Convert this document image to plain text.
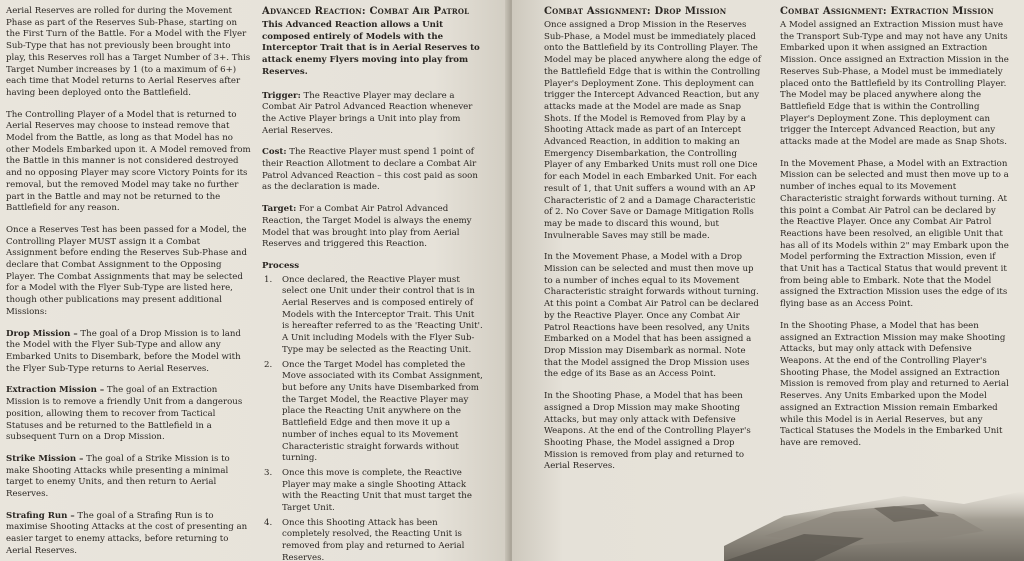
Aerial Reserves are rolled for during the Movement Phase as part of the Reserves Sub-Phase, starting on the First Turn of the Battle. For a Model with the Flyer Sub-Type that has not previously been brought into play, this Reserves roll has a Target Number of 3+. This Target Number increases by 1 (to a maximum of 6+) each time that Model returns to Aerial Reserves after having been deployed onto the Battlefield.

The Controlling Player of a Model that is returned to Aerial Reserves may choose to instead remove that Model from the Battle, as long as that Model has no other Models Embarked upon it. A Model removed from the Battle in this manner is not considered destroyed and no opposing Player may score Victory Points for its removal, but the removed Model may take no further part in the Battle and may not be returned to the Battlefield for any reason.

Once a Reserves Test has been passed for a Model, the Controlling Player MUST assign it a Combat Assignment before ending the Reserves Sub-Phase and declare that Combat Assignment to the Opposing Player. The Combat Assignments that may be selected for a Model with the Flyer Sub-Type are listed here, though other publications may present additional Missions:

Drop Mission – The goal of a Drop Mission is to land the Model with the Flyer Sub-Type and allow any Embarked Units to Disembark, before the Model with the Flyer Sub-Type returns to Aerial Reserves.

Extraction Mission – The goal of an Extraction Mission is to remove a friendly Unit from a dangerous position, allowing them to recover from Tactical Statuses and be returned to the Battlefield in a subsequent Turn on a Drop Mission.

Strike Mission – The goal of a Strike Mission is to make Shooting Attacks while presenting a minimal target to enemy Units, and then return to Aerial Reserves.

Strafing Run – The goal of a Strafing Run is to maximise Shooting Attacks at the cost of presenting an easier target to enemy attacks, before returning to Aerial Reserves.

Advanced Reaction: Combat Air Patrol

This Advanced Reaction allows a Unit composed entirely of Models with the Interceptor Trait that is in Aerial Reserves to attack enemy Flyers moving into play from Reserves.

Trigger: The Reactive Player may declare a Combat Air Patrol Advanced Reaction whenever the Active Player brings a Unit into play from Aerial Reserves.

Cost: The Reactive Player must spend 1 point of their Reaction Allotment to declare a Combat Air Patrol Advanced Reaction – this cost paid as soon as the declaration is made.

Target: For a Combat Air Patrol Advanced Reaction, the Target Model is always the enemy Model that was brought into play from Aerial Reserves and triggered this Reaction.

Process
1. Once declared, the Reactive Player must select one Unit under their control that is in Aerial Reserves and is composed entirely of Models with the Interceptor Trait. This Unit is hereafter referred to as the 'Reacting Unit'. A Unit including Models with the Flyer Sub-Type may be selected as the Reacting Unit.
2. Once the Target Model has completed the Move associated with its Combat Assignment, but before any Units have Disembarked from the Target Model, the Reactive Player may place the Reacting Unit anywhere on the Battlefield Edge and then move it up a number of inches equal to its Movement Characteristic straight forwards without turning.
3. Once this move is complete, the Reactive Player may make a single Shooting Attack with the Reacting Unit that must target the Target Unit.
4. Once this Shooting Attack has been completely resolved, the Reacting Unit is removed from play and returned to Aerial Reserves.
Combat Assignment: Drop Mission

Once assigned a Drop Mission in the Reserves Sub-Phase, a Model must be immediately placed onto the Battlefield by its Controlling Player. The Model may be placed anywhere along the edge of the Battlefield Edge that is within the Controlling Player's Deployment Zone. This deployment can trigger the Intercept Advanced Reaction, but any attacks made at the Model are made as Snap Shots. If the Model is Removed from Play by a Shooting Attack made as part of an Intercept Advanced Reaction, in addition to making an Emergency Disembarkation, the Controlling Player of any Embarked Units must roll one Dice for each Model in each Embarked Unit. For each result of 1, that Unit suffers a wound with an AP Characteristic of 2 and a Damage Characteristic of 2. No Cover Save or Damage Mitigation Rolls may be made to discard this wound, but Invulnerable Saves may still be made.

In the Movement Phase, a Model with a Drop Mission can be selected and must then move up to a number of inches equal to its Movement Characteristic straight forwards without turning. At this point a Combat Air Patrol can be declared by the Reactive Player. Once any Combat Air Patrol Reactions have been resolved, any Units Embarked on a Model that has been assigned a Drop Mission may Disembark as normal. Note that the Model assigned the Drop Mission uses the edge of its Base as an Access Point.

In the Shooting Phase, a Model that has been assigned a Drop Mission may make Shooting Attacks, but may only attack with Defensive Weapons. At the end of the Controlling Player's Shooting Phase, the Model assigned a Drop Mission is removed from play and returned to Aerial Reserves.

Combat Assignment: Extraction Mission

A Model assigned an Extraction Mission must have the Transport Sub-Type and may not have any Units Embarked upon it when assigned an Extraction Mission. Once assigned an Extraction Mission in the Reserves Sub-Phase, a Model must be immediately placed onto the Battlefield by its Controlling Player. The Model may be placed anywhere along the Battlefield Edge that is within the Controlling Player's Deployment Zone. This deployment can trigger the Intercept Advanced Reaction, but any attacks made at the Model are made as Snap Shots.

In the Movement Phase, a Model with an Extraction Mission can be selected and must then move up to a number of inches equal to its Movement Characteristic straight forwards without turning. At this point a Combat Air Patrol can be declared by the Reactive Player. Once any Combat Air Patrol Reactions have been resolved, an eligible Unit that has all of its Models within 2" may Embark upon the Model performing the Extraction Mission, even if that Unit has a Tactical Status that would prevent it from being able to Embark. Note that the Model assigned the Extraction Mission uses the edge of its flying base as an Access Point.

In the Shooting Phase, a Model that has been assigned an Extraction Mission may make Shooting Attacks, but may only attack with Defensive Weapons. At the end of the Controlling Player's Shooting Phase, the Model assigned an Extraction Mission is removed from play and returned to Aerial Reserves. Any Units Embarked upon the Model assigned an Extraction Mission remain Embarked while this Model is in Aerial Reserves, but any Tactical Statuses the Models in the Embarked Unit have are removed.
